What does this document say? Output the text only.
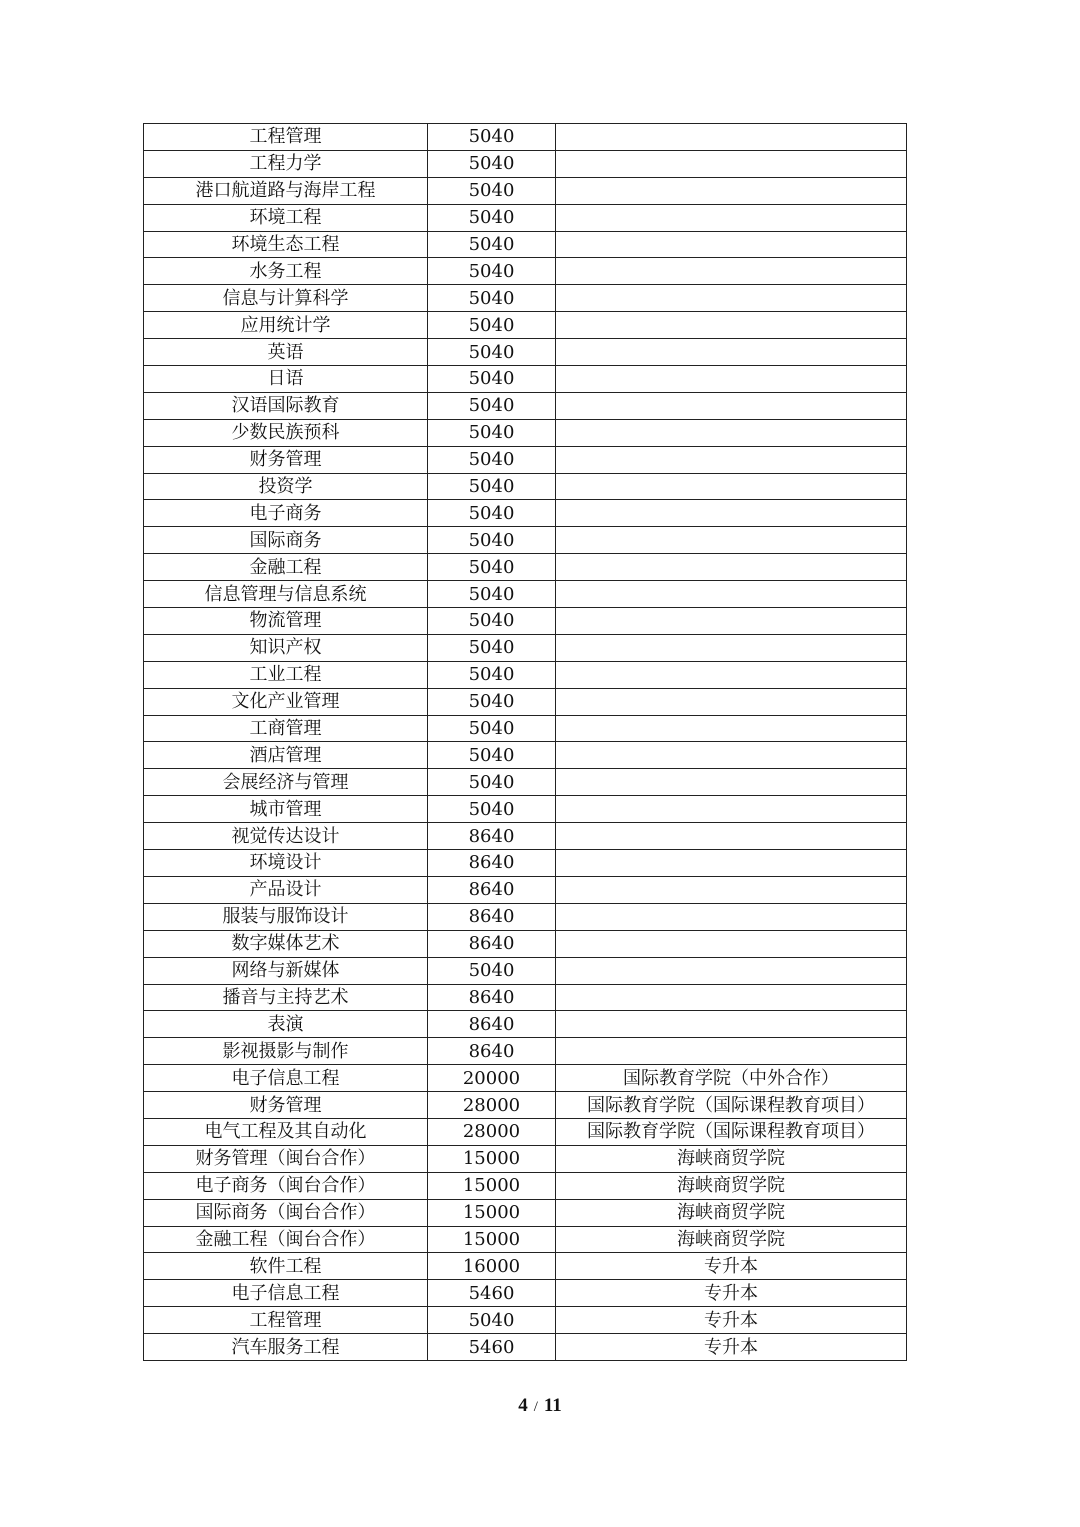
工程管理	5040	
工程力学	5040	
港口航道路与海岸工程	5040	
环境工程	5040	
环境生态工程	5040	
水务工程	5040	
信息与计算科学	5040	
应用统计学	5040	
英语	5040	
日语	5040	
汉语国际教育	5040	
少数民族预科	5040	
财务管理	5040	
投资学	5040	
电子商务	5040	
国际商务	5040	
金融工程	5040	
信息管理与信息系统	5040	
物流管理	5040	
知识产权	5040	
工业工程	5040	
文化产业管理	5040	
工商管理	5040	
酒店管理	5040	
会展经济与管理	5040	
城市管理	5040	
视觉传达设计	8640	
环境设计	8640	
产品设计	8640	
服装与服饰设计	8640	
数字媒体艺术	8640	
网络与新媒体	5040	
播音与主持艺术	8640	
表演	8640	
影视摄影与制作	8640	
电子信息工程	20000	国际教育学院（中外合作）
财务管理	28000	国际教育学院（国际课程教育项目）
电气工程及其自动化	28000	国际教育学院（国际课程教育项目）
财务管理（闽台合作）	15000	海峡商贸学院
电子商务（闽台合作）	15000	海峡商贸学院
国际商务（闽台合作）	15000	海峡商贸学院
金融工程（闽台合作）	15000	海峡商贸学院
软件工程	16000	专升本
电子信息工程	5460	专升本
工程管理	5040	专升本
汽车服务工程	5460	专升本
4 / 11
